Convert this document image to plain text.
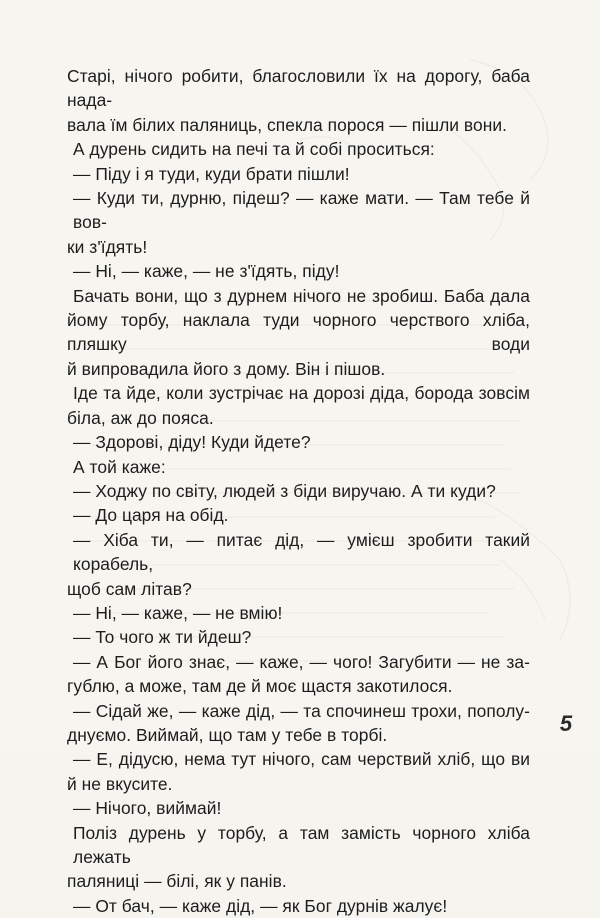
Старі, нічого робити, благословили їх на дорогу, баба нада-
вала їм білих паляниць, спекла порося — пішли вони.
А дурень сидить на печі та й собі проситься:
— Піду і я туди, куди брати пішли!
— Куди ти, дурню, підеш? — каже мати. — Там тебе й вов-
ки з'їдять!
— Ні, — каже, — не з'їдять, піду!
Бачать вони, що з дурнем нічого не зробиш. Баба дала
йому торбу, наклала туди чорного черствого хліба, пляшку води
й випровадила його з дому. Він і пішов.
Іде та йде, коли зустрічає на дорозі діда, борода зовсім
біла, аж до пояса.
— Здорові, діду! Куди йдете?
А той каже:
— Ходжу по світу, людей з біди виручаю. А ти куди?
— До царя на обід.
— Хіба ти, — питає дід, — умієш зробити такий корабель,
щоб сам літав?
— Ні, — каже, — не вмію!
— То чого ж ти йдеш?
— А Бог його знає, — каже, — чого! Загубити — не за-
гублю, а може, там де й моє щастя закотилося.
— Сідай же, — каже дід, — та спочинеш трохи, пополу-
днуємо. Виймай, що там у тебе в торбі.
— Е, дідусю, нема тут нічого, сам черствий хліб, що ви
й не вкусите.
— Нічого, виймай!
Поліз дурень у торбу, а там замість чорного хліба лежать
паляниці — білі, як у панів.
— От бач, — каже дід, — як Бог дурнів жалує!
5
